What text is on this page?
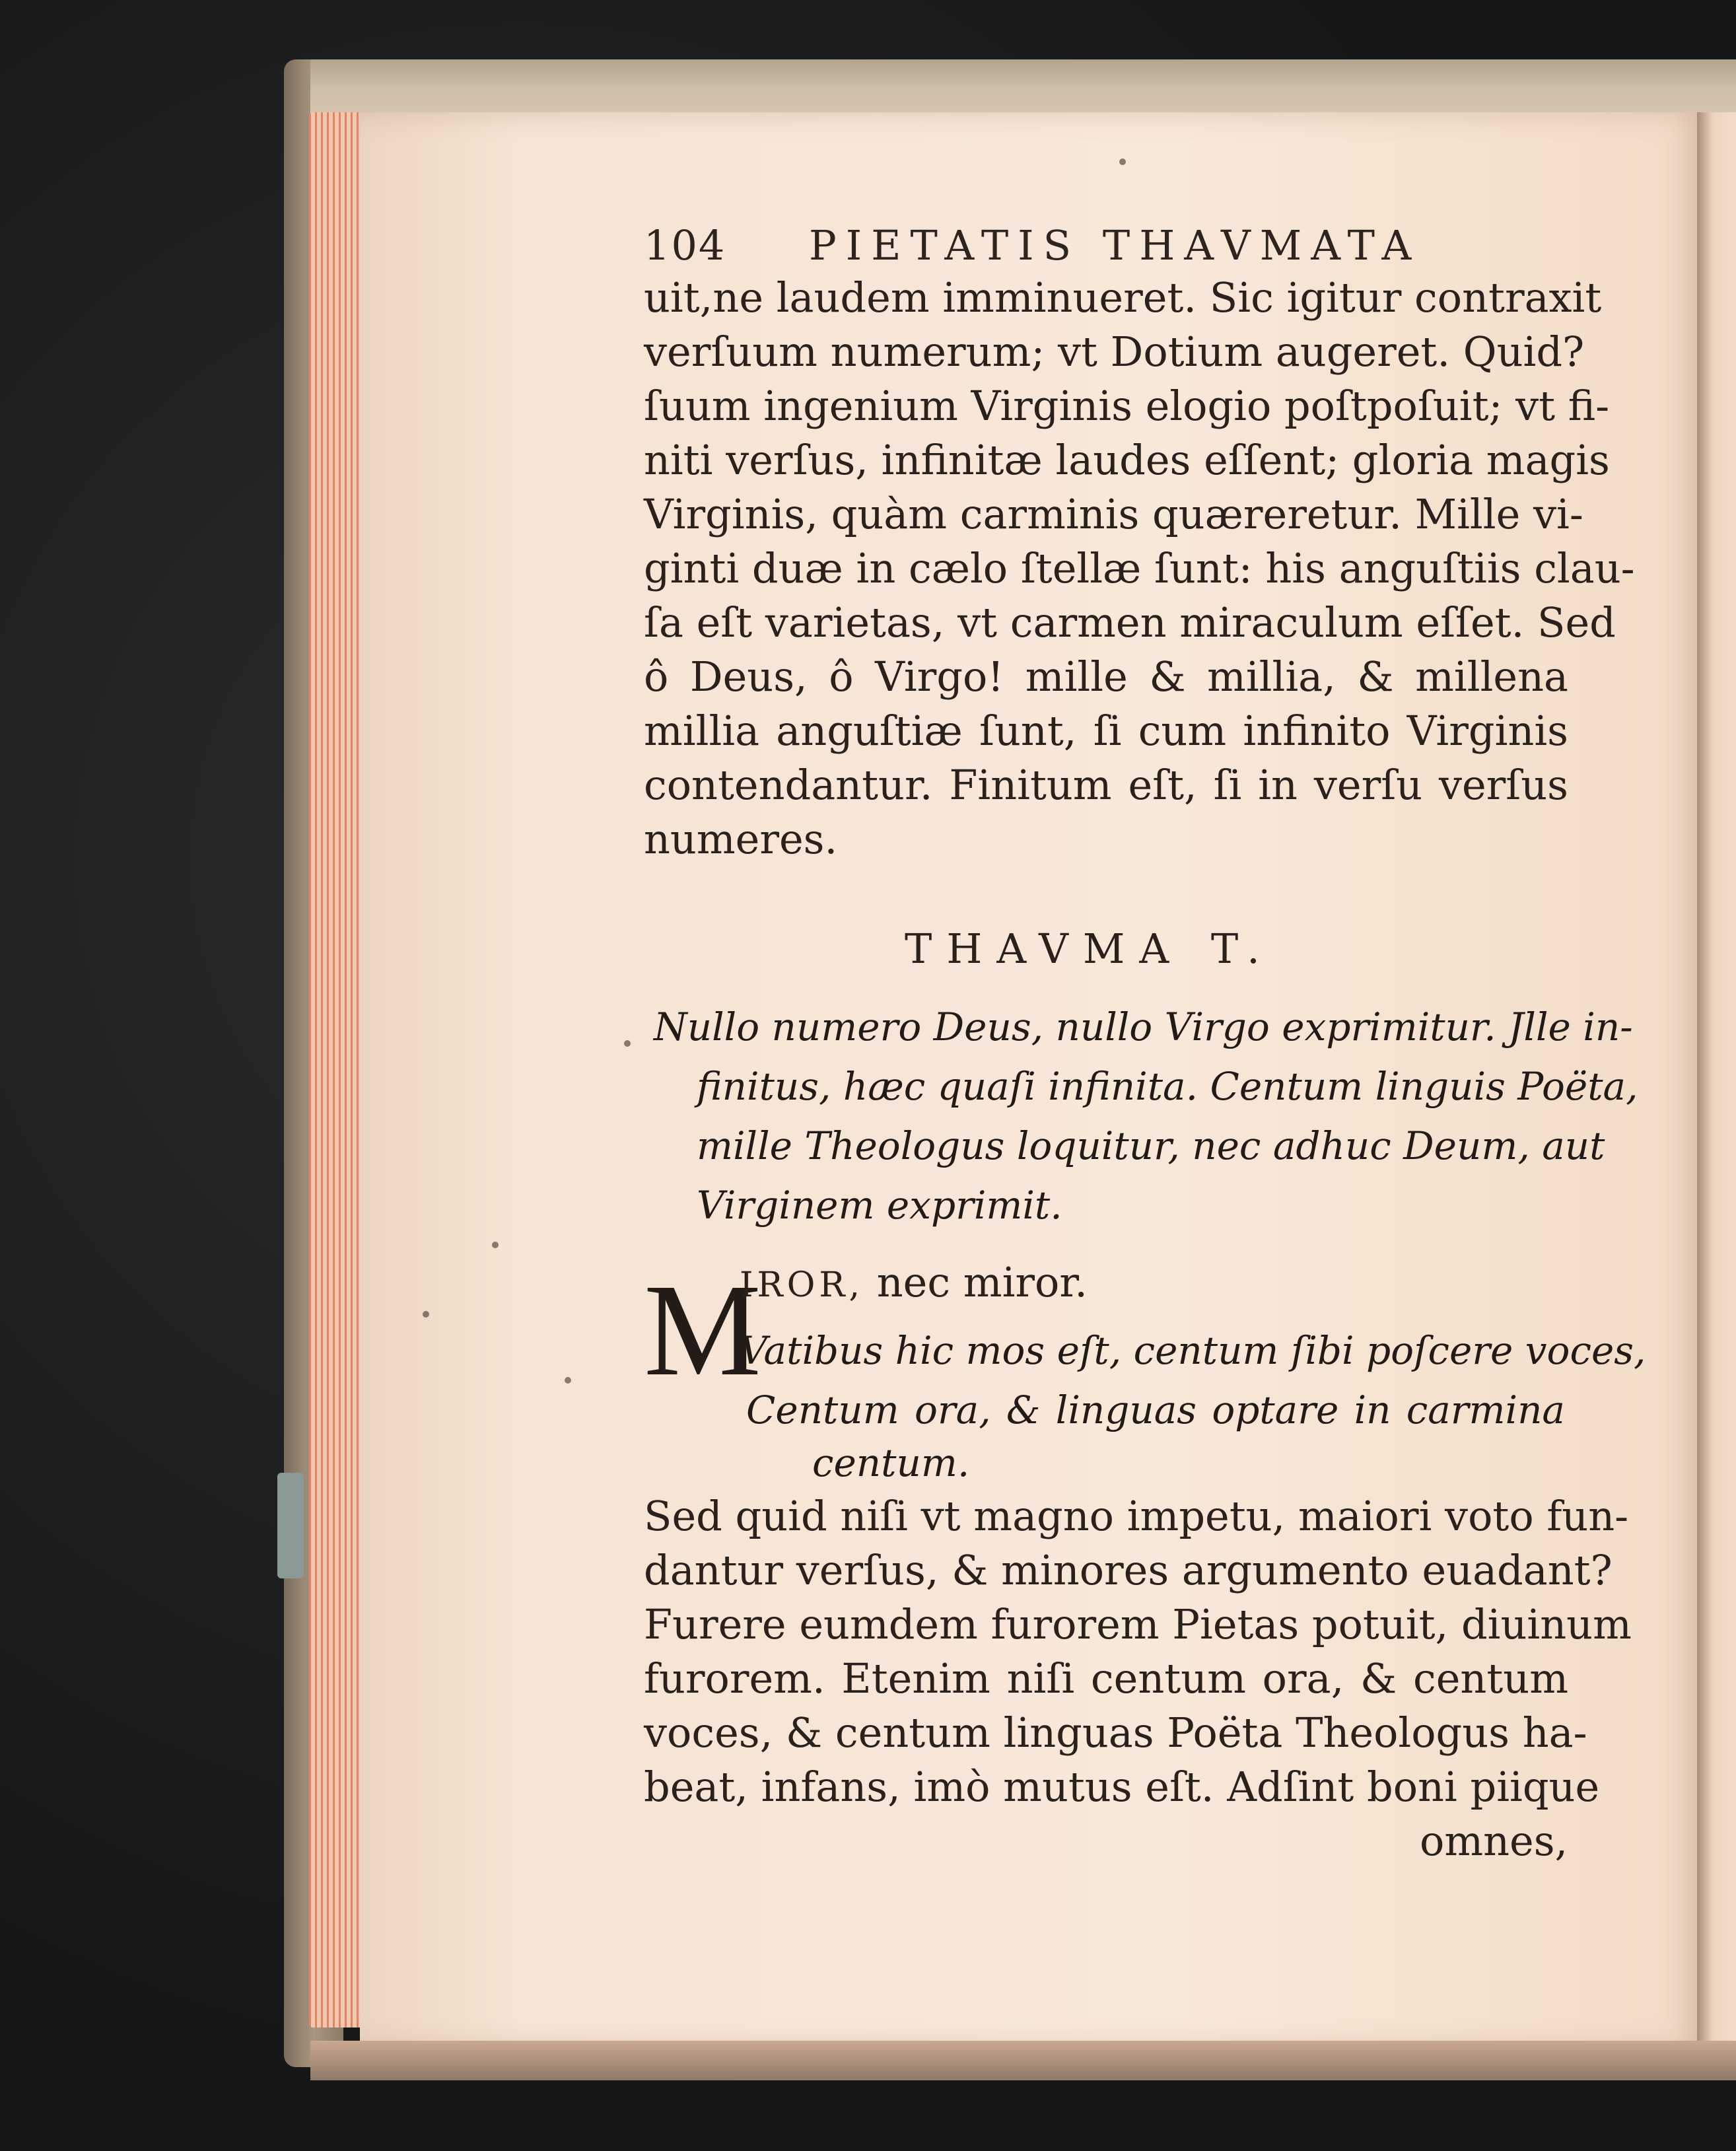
104 PIETATIS THAVMATA
uit,ne laudem imminueret. Sic igitur contraxit
verſuum numerum; vt Dotium augeret. Quid?
ſuum ingenium Virginis elogio poſtpoſuit; vt fi-
niti verſus, infinitæ laudes eſſent; gloria magis
Virginis, quàm carminis quæreretur. Mille vi-
ginti duæ in cælo ſtellæ ſunt: his anguſtiis clau-
ſa eſt varietas, vt carmen miraculum eſſet. Sed
ô Deus, ô Virgo! mille & millia, & millena
millia anguſtiæ ſunt, ſi cum infinito Virginis
contendantur. Finitum eſt, ſi in verſu verſus
numeres.
THAVMA T.
Nullo numero Deus, nullo Virgo exprimitur. Jlle in-
finitus, hæc quaſi infinita. Centum linguis Poëta,
mille Theologus loquitur, nec adhuc Deum, aut
Virginem exprimit.
M
IROR, nec miror.
Vatibus hic mos eſt, centum ſibi poſcere voces,
Centum ora, & linguas optare in carmina
centum.
Sed quid niſi vt magno impetu, maiori voto fun-
dantur verſus, & minores argumento euadant?
Furere eumdem furorem Pietas potuit, diuinum
furorem. Etenim niſi centum ora, & centum
voces, & centum linguas Poëta Theologus ha-
beat, infans, imò mutus eſt. Adſint boni piique
omnes,
